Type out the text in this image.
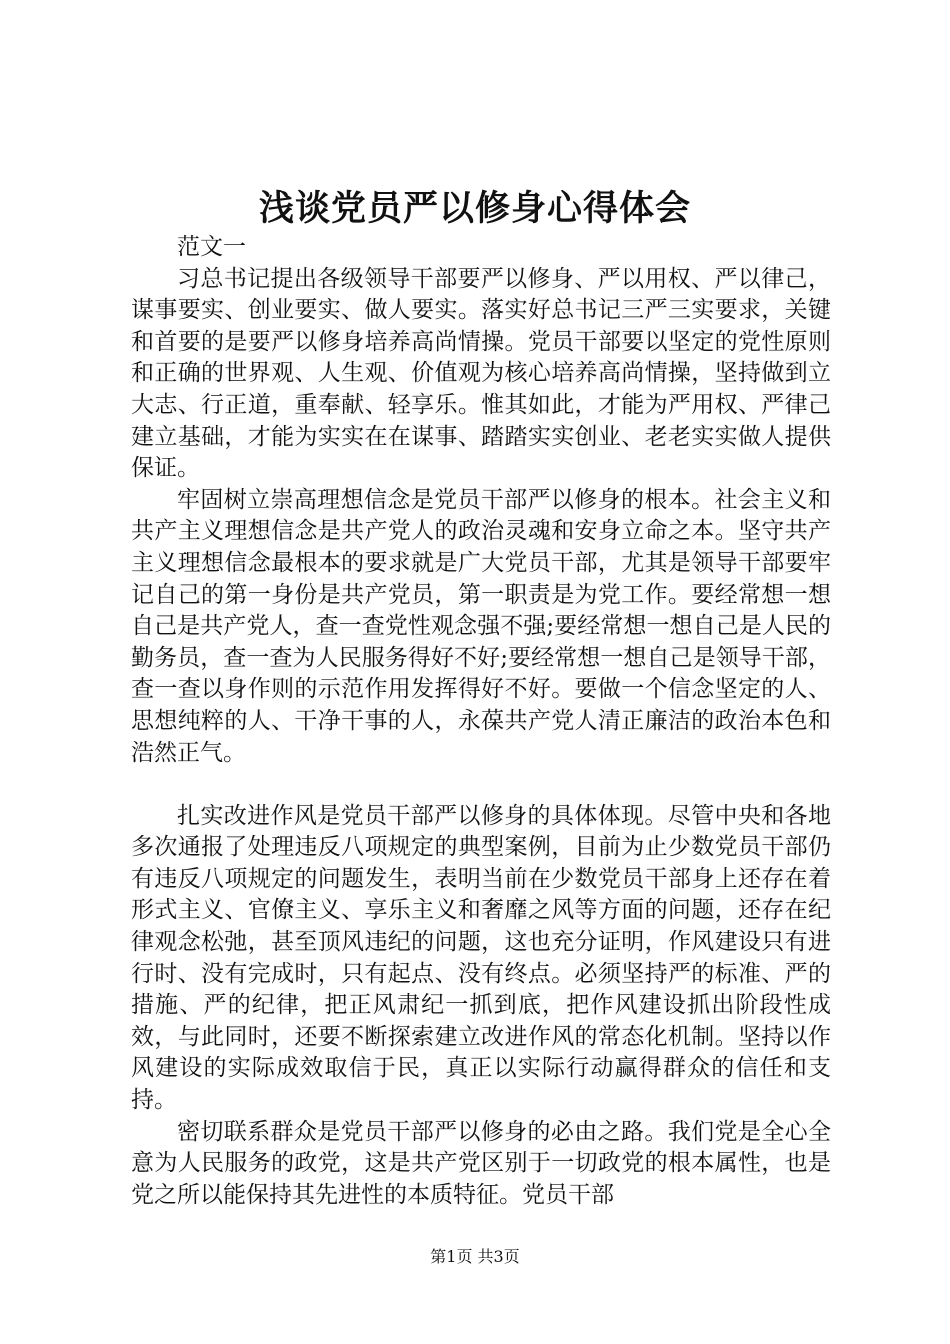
浅谈党员严以修身心得体会

范文一

习总书记提出各级领导干部要严以修身、严以用权、严以律己，谋事要实、创业要实、做人要实。落实好总书记三严三实要求，关键和首要的是要严以修身培养高尚情操。党员干部要以坚定的党性原则和正确的世界观、人生观、价值观为核心培养高尚情操，坚持做到立大志、行正道，重奉献、轻享乐。惟其如此，才能为严用权、严律己建立基础，才能为实实在在谋事、踏踏实实创业、老老实实做人提供保证。

牢固树立崇高理想信念是党员干部严以修身的根本。社会主义和共产主义理想信念是共产党人的政治灵魂和安身立命之本。坚守共产主义理想信念最根本的要求就是广大党员干部，尤其是领导干部要牢记自己的第一身份是共产党员，第一职责是为党工作。要经常想一想自己是共产党人，查一查党性观念强不强;要经常想一想自己是人民的勤务员，查一查为人民服务得好不好;要经常想一想自己是领导干部，查一查以身作则的示范作用发挥得好不好。要做一个信念坚定的人、思想纯粹的人、干净干事的人，永葆共产党人清正廉洁的政治本色和浩然正气。

扎实改进作风是党员干部严以修身的具体体现。尽管中央和各地多次通报了处理违反八项规定的典型案例，目前为止少数党员干部仍有违反八项规定的问题发生，表明当前在少数党员干部身上还存在着形式主义、官僚主义、享乐主义和奢靡之风等方面的问题，还存在纪律观念松弛，甚至顶风违纪的问题，这也充分证明，作风建设只有进行时、没有完成时，只有起点、没有终点。必须坚持严的标准、严的措施、严的纪律，把正风肃纪一抓到底，把作风建设抓出阶段性成效，与此同时，还要不断探索建立改进作风的常态化机制。坚持以作风建设的实际成效取信于民，真正以实际行动赢得群众的信任和支持。

密切联系群众是党员干部严以修身的必由之路。我们党是全心全意为人民服务的政党，这是共产党区别于一切政党的根本属性，也是党之所以能保持其先进性的本质特征。党员干部

第1页 共3页
